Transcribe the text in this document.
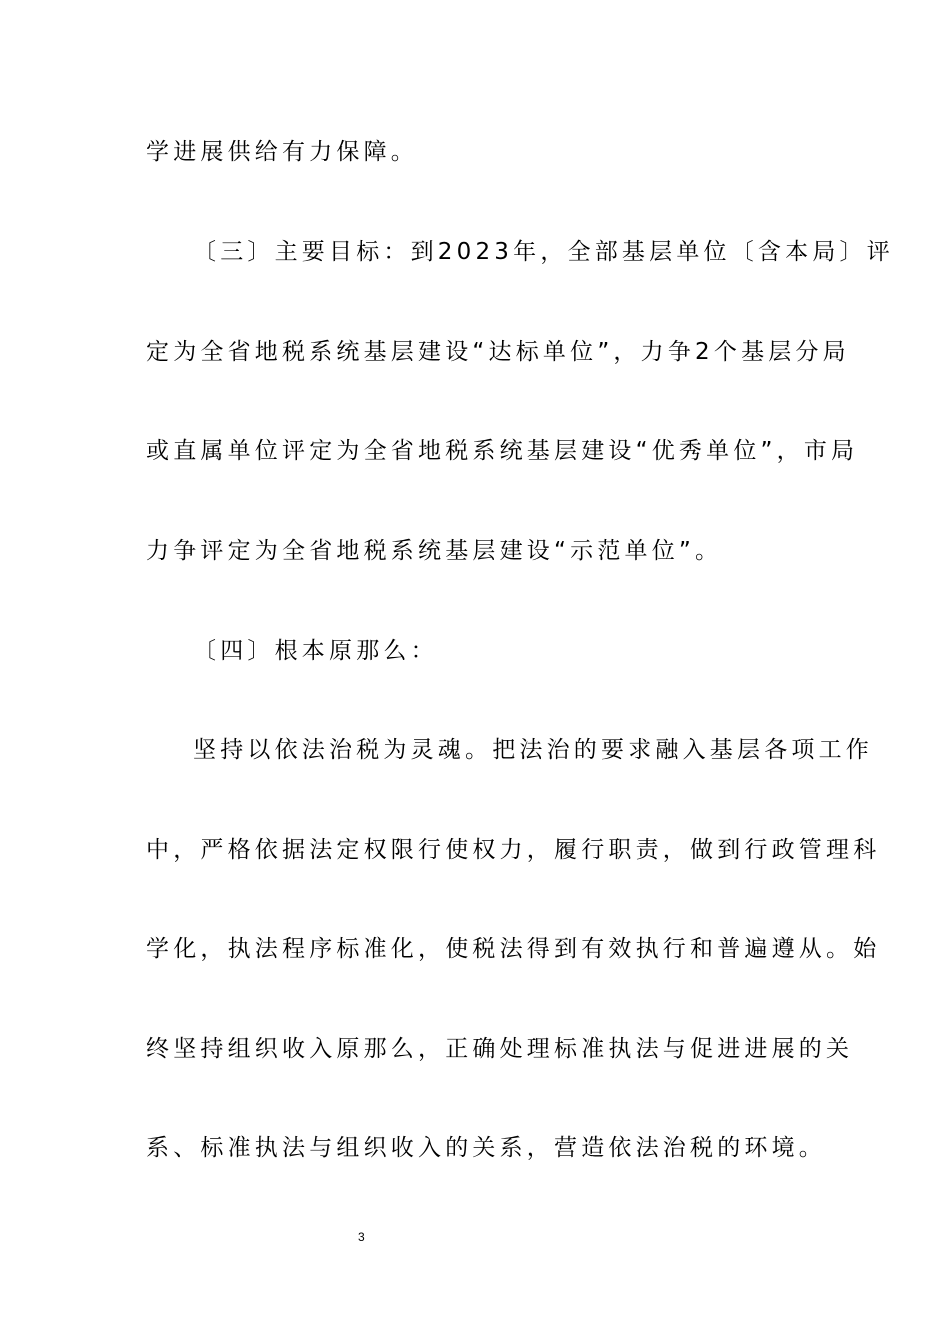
学进展供给有力保障。
〔三〕主要目标：到2023年，全部基层单位〔含本局〕评
定为全省地税系统基层建设“达标单位”，力争2个基层分局
或直属单位评定为全省地税系统基层建设“优秀单位”，市局
力争评定为全省地税系统基层建设“示范单位”。
〔四〕根本原那么：
坚持以依法治税为灵魂。把法治的要求融入基层各项工作
中，严格依据法定权限行使权力，履行职责，做到行政管理科
学化，执法程序标准化，使税法得到有效执行和普遍遵从。始
终坚持组织收入原那么，正确处理标准执法与促进进展的关
系、标准执法与组织收入的关系，营造依法治税的环境。
3
